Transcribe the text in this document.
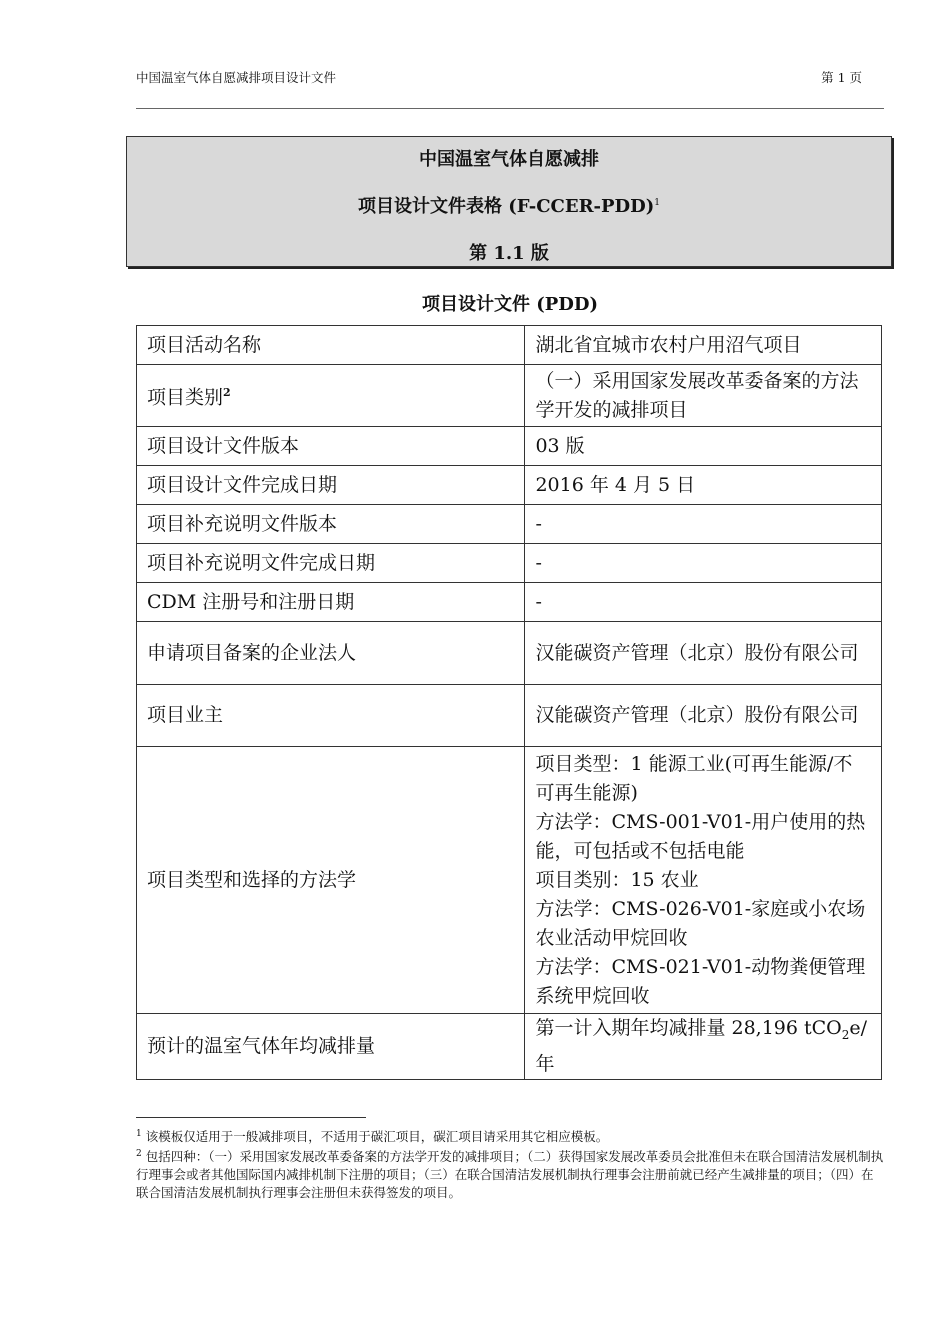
中国温室气体自愿减排项目设计文件	第 1 页
中国温室气体自愿减排
项目设计文件表格 (F-CCER-PDD)$^1$
第 1.1 版
项目设计文件 (PDD)
项目活动名称	湖北省宜城市农村户用沼气项目
项目类别$^2$	（一）采用国家发展改革委备案的方法学开发的减排项目
项目设计文件版本	03 版
项目设计文件完成日期	2016 年 4 月 5 日
项目补充说明文件版本	-
项目补充说明文件完成日期	-
CDM 注册号和注册日期	-
申请项目备案的企业法人	汉能碳资产管理（北京）股份有限公司
项目业主	汉能碳资产管理（北京）股份有限公司
项目类型和选择的方法学	项目类型：1 能源工业(可再生能源/不可再生能源)
方法学：CMS-001-V01-用户使用的热能，可包括或不包括电能
项目类别：15 农业
方法学：CMS-026-V01-家庭或小农场农业活动甲烷回收
方法学：CMS-021-V01-动物粪便管理系统甲烷回收

预计的温室气体年均减排量	第一计入期年均减排量 28,196 tCO$_2$e/年
$^1$ 该模板仅适用于一般减排项目，不适用于碳汇项目，碳汇项目请采用其它相应模板。
$^2$ 包括四种：（一）采用国家发展改革委备案的方法学开发的减排项目；（二）获得国家发展改革委员会批准但未在联合国清洁发展机制执行理事会或者其他国际国内减排机制下注册的项目；（三）在联合国清洁发展机制执行理事会注册前就已经产生减排量的项目；（四）在联合国清洁发展机制执行理事会注册但未获得签发的项目。
